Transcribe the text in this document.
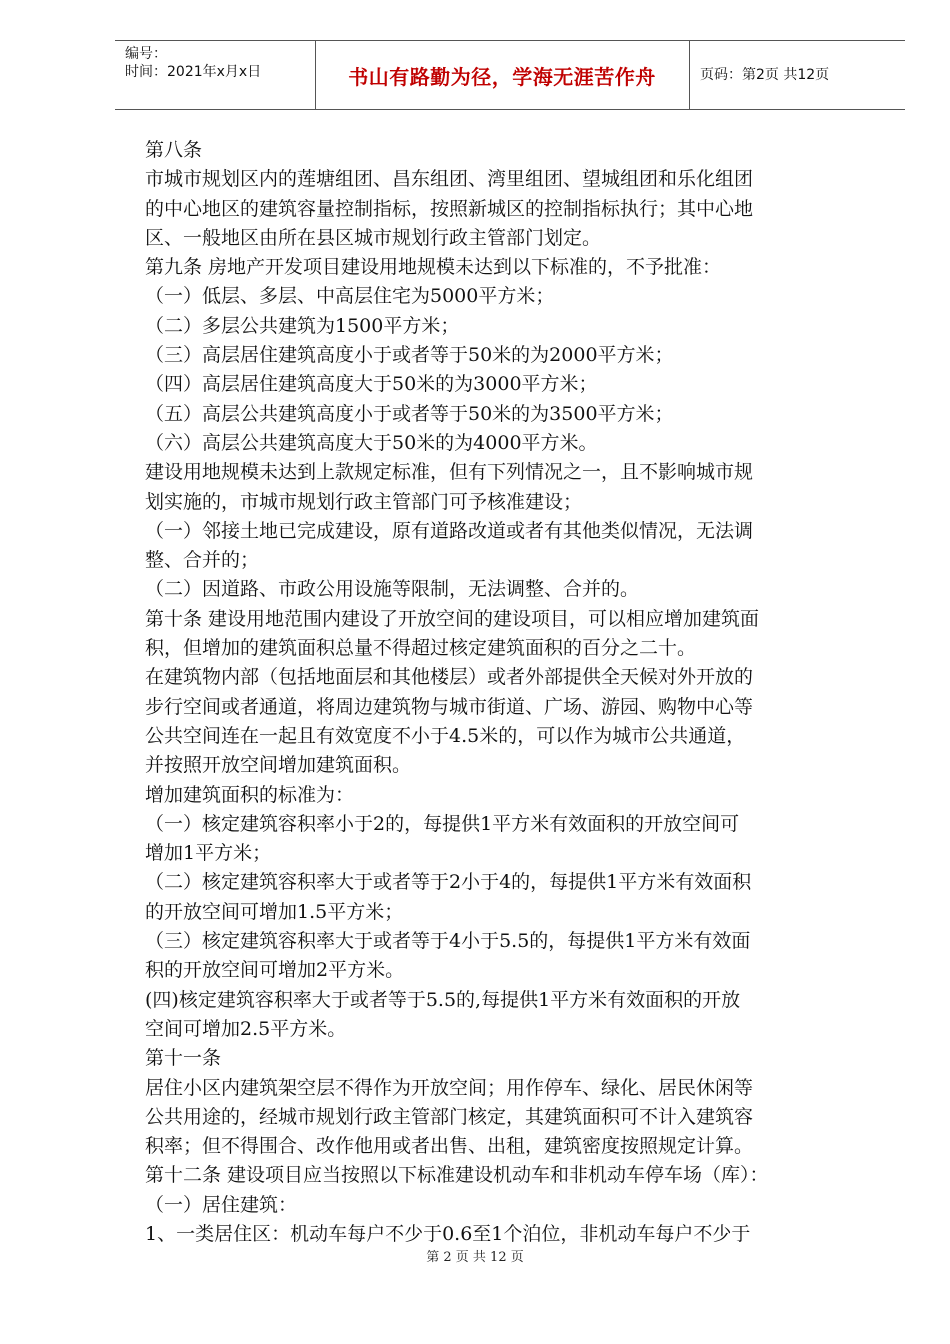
编号：
时间：2021年x月x日	书山有路勤为径，学海无涯苦作舟	页码：第2页 共12页

第八条

市城市规划区内的莲塘组团、昌东组团、湾里组团、望城组团和乐化组团

的中心地区的建筑容量控制指标，按照新城区的控制指标执行；其中心地

区、一般地区由所在县区城市规划行政主管部门划定。

第九条 房地产开发项目建设用地规模未达到以下标准的，不予批准：

（一）低层、多层、中高层住宅为5000平方米；

（二）多层公共建筑为1500平方米；

（三）高层居住建筑高度小于或者等于50米的为2000平方米；

（四）高层居住建筑高度大于50米的为3000平方米；

（五）高层公共建筑高度小于或者等于50米的为3500平方米；

（六）高层公共建筑高度大于50米的为4000平方米。

建设用地规模未达到上款规定标准，但有下列情况之一，且不影响城市规

划实施的，市城市规划行政主管部门可予核准建设；

（一）邻接土地已完成建设，原有道路改道或者有其他类似情况，无法调

整、合并的；

（二）因道路、市政公用设施等限制，无法调整、合并的。

第十条 建设用地范围内建设了开放空间的建设项目，可以相应增加建筑面

积，但增加的建筑面积总量不得超过核定建筑面积的百分之二十。

在建筑物内部（包括地面层和其他楼层）或者外部提供全天候对外开放的

步行空间或者通道，将周边建筑物与城市街道、广场、游园、购物中心等

公共空间连在一起且有效宽度不小于4.5米的，可以作为城市公共通道，

并按照开放空间增加建筑面积。

增加建筑面积的标准为：

（一）核定建筑容积率小于2的，每提供1平方米有效面积的开放空间可

增加1平方米；

（二）核定建筑容积率大于或者等于2小于4的，每提供1平方米有效面积

的开放空间可增加1.5平方米；

（三）核定建筑容积率大于或者等于4小于5.5的，每提供1平方米有效面

积的开放空间可增加2平方米。

(四)核定建筑容积率大于或者等于5.5的,每提供1平方米有效面积的开放

空间可增加2.5平方米。

第十一条

居住小区内建筑架空层不得作为开放空间；用作停车、绿化、居民休闲等

公共用途的，经城市规划行政主管部门核定，其建筑面积可不计入建筑容

积率；但不得围合、改作他用或者出售、出租，建筑密度按照规定计算。

第十二条 建设项目应当按照以下标准建设机动车和非机动车停车场（库）：

（一）居住建筑：

1、一类居住区：机动车每户不少于0.6至1个泊位，非机动车每户不少于

第 2 页 共 12 页
